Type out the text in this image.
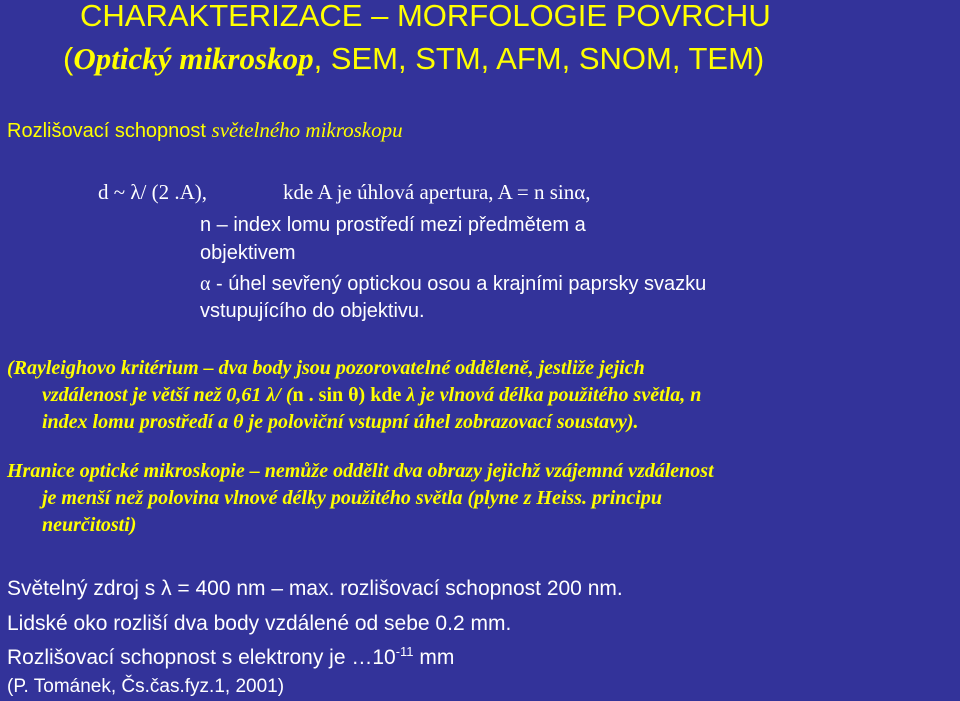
CHARAKTERIZACE – MORFOLOGIE POVRCHU
(Optický mikroskop, SEM, STM, AFM, SNOM, TEM)
Rozlišovací schopnost světelného mikroskopu
d ~ λ/ (2 .A),	kde A je úhlová apertura, A = n sinα,
n – index lomu prostředí mezi předmětem a
objektivem
α - úhel sevřený optickou osou a krajními paprsky svazku
vstupujícího do objektivu.
(Rayleighovo kritérium – dva body jsou pozorovatelné odděleně, jestliže jejich
vzdálenost je větší než 0,61 λ/ (n . sin θ) kde λ je vlnová délka použitého světla, n
index lomu prostředí a θ je poloviční vstupní úhel zobrazovací soustavy).
Hranice optické mikroskopie – nemůže oddělit dva obrazy jejichž vzájemná vzdálenost
je menší než polovina vlnové délky použitého světla (plyne z Heiss. principu
neurčitosti)
Světelný zdroj s λ = 400 nm – max. rozlišovací schopnost 200 nm.
Lidské oko rozliší dva body vzdálené od sebe 0.2 mm.
Rozlišovací schopnost s elektrony je $\dots 10^{-11}$ mm
(P. Tománek, Čs.čas.fyz.1, 2001)
